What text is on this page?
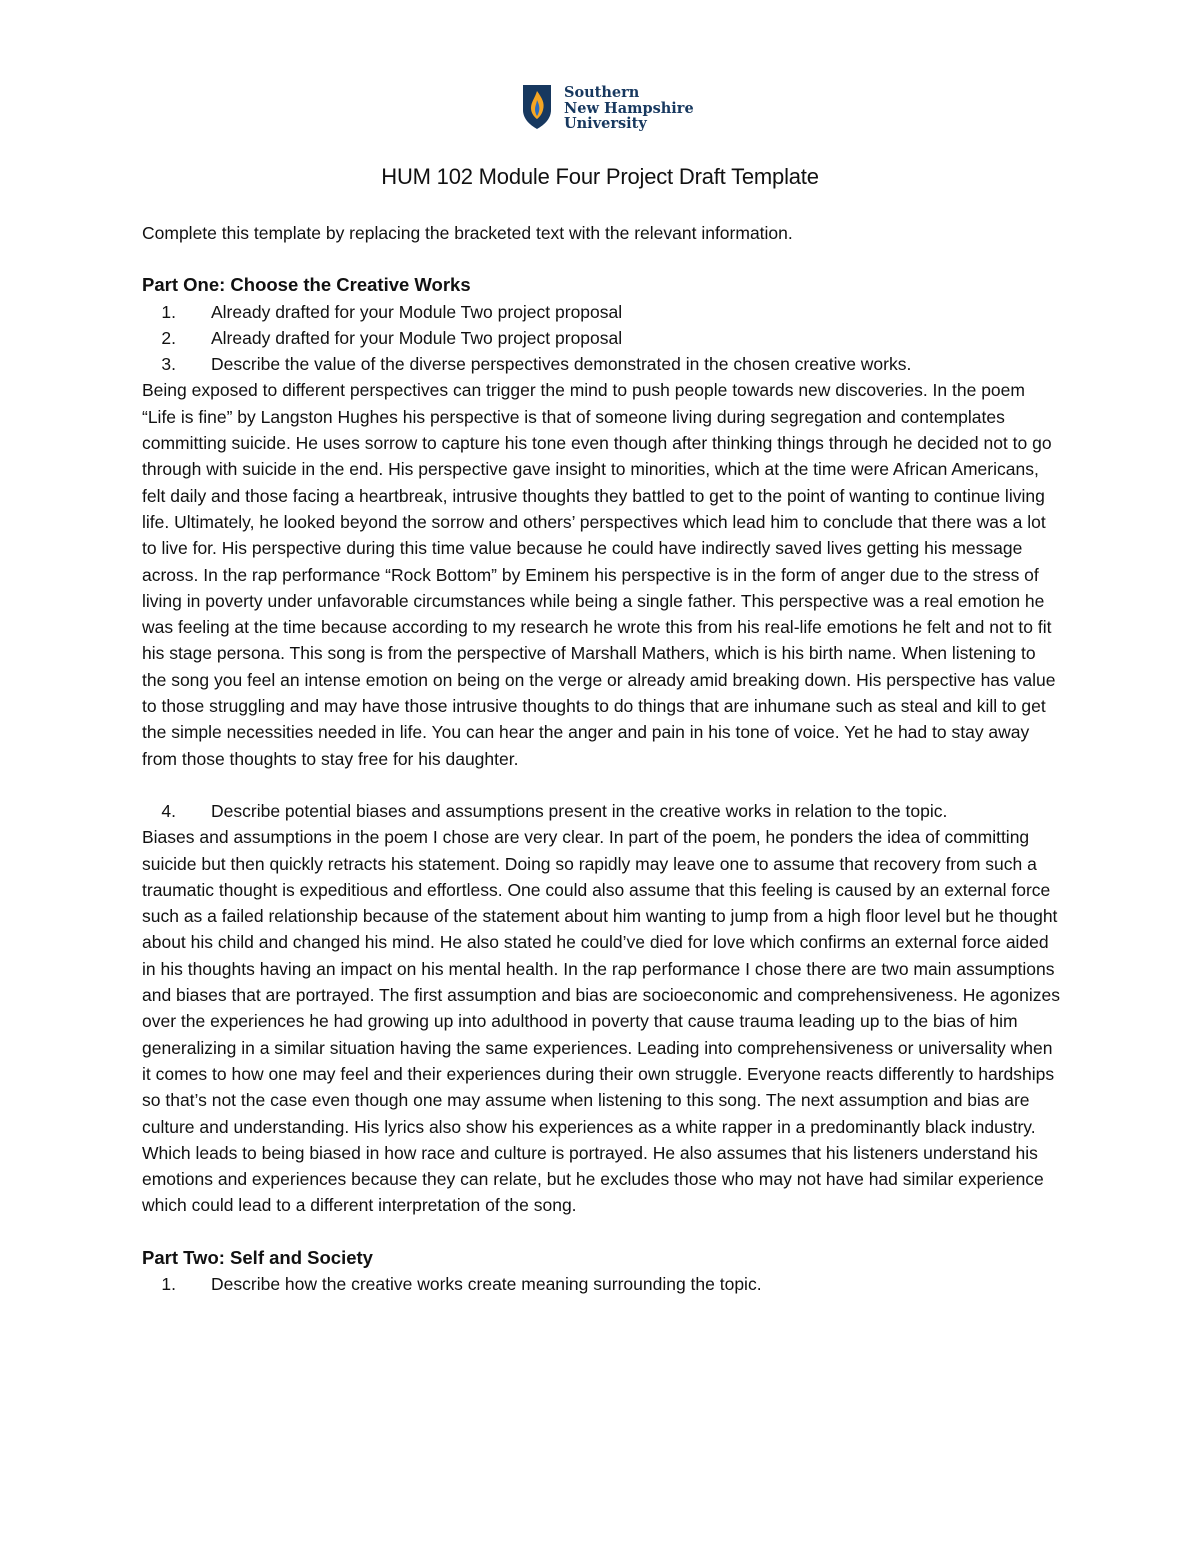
Southern
New Hampshire
University
HUM 102 Module Four Project Draft Template

Complete this template by replacing the bracketed text with the relevant information.

Part One: Choose the Creative Works

1.	Already drafted for your Module Two project proposal
2.	Already drafted for your Module Two project proposal
3.	Describe the value of the diverse perspectives demonstrated in the chosen creative works.

Being exposed to different perspectives can trigger the mind to push people towards new discoveries. In the poem “Life is fine” by Langston Hughes his perspective is that of someone living during segregation and contemplates committing suicide. He uses sorrow to capture his tone even though after thinking things through he decided not to go through with suicide in the end. His perspective gave insight to minorities, which at the time were African Americans, felt daily and those facing a heartbreak, intrusive thoughts they battled to get to the point of wanting to continue living life. Ultimately, he looked beyond the sorrow and others’ perspectives which lead him to conclude that there was a lot to live for. His perspective during this time value because he could have indirectly saved lives getting his message across. In the rap performance “Rock Bottom” by Eminem his perspective is in the form of anger due to the stress of living in poverty under unfavorable circumstances while being a single father. This perspective was a real emotion he was feeling at the time because according to my research he wrote this from his real-life emotions he felt and not to fit his stage persona. This song is from the perspective of Marshall Mathers, which is his birth name. When listening to the song you feel an intense emotion on being on the verge or already amid breaking down. His perspective has value to those struggling and may have those intrusive thoughts to do things that are inhumane such as steal and kill to get the simple necessities needed in life. You can hear the anger and pain in his tone of voice. Yet he had to stay away from those thoughts to stay free for his daughter.

4.	Describe potential biases and assumptions present in the creative works in relation to the topic.

Biases and assumptions in the poem I chose are very clear. In part of the poem, he ponders the idea of committing suicide but then quickly retracts his statement. Doing so rapidly may leave one to assume that recovery from such a traumatic thought is expeditious and effortless. One could also assume that this feeling is caused by an external force such as a failed relationship because of the statement about him wanting to jump from a high floor level but he thought about his child and changed his mind. He also stated he could’ve died for love which confirms an external force aided in his thoughts having an impact on his mental health. In the rap performance I chose there are two main assumptions and biases that are portrayed. The first assumption and bias are socioeconomic and comprehensiveness. He agonizes over the experiences he had growing up into adulthood in poverty that cause trauma leading up to the bias of him generalizing in a similar situation having the same experiences. Leading into comprehensiveness or universality when it comes to how one may feel and their experiences during their own struggle. Everyone reacts differently to hardships so that’s not the case even though one may assume when listening to this song. The next assumption and bias are culture and understanding. His lyrics also show his experiences as a white rapper in a predominantly black industry. Which leads to being biased in how race and culture is portrayed. He also assumes that his listeners understand his emotions and experiences because they can relate, but he excludes those who may not have had similar experience which could lead to a different interpretation of the song.

Part Two: Self and Society

1.	Describe how the creative works create meaning surrounding the topic.
